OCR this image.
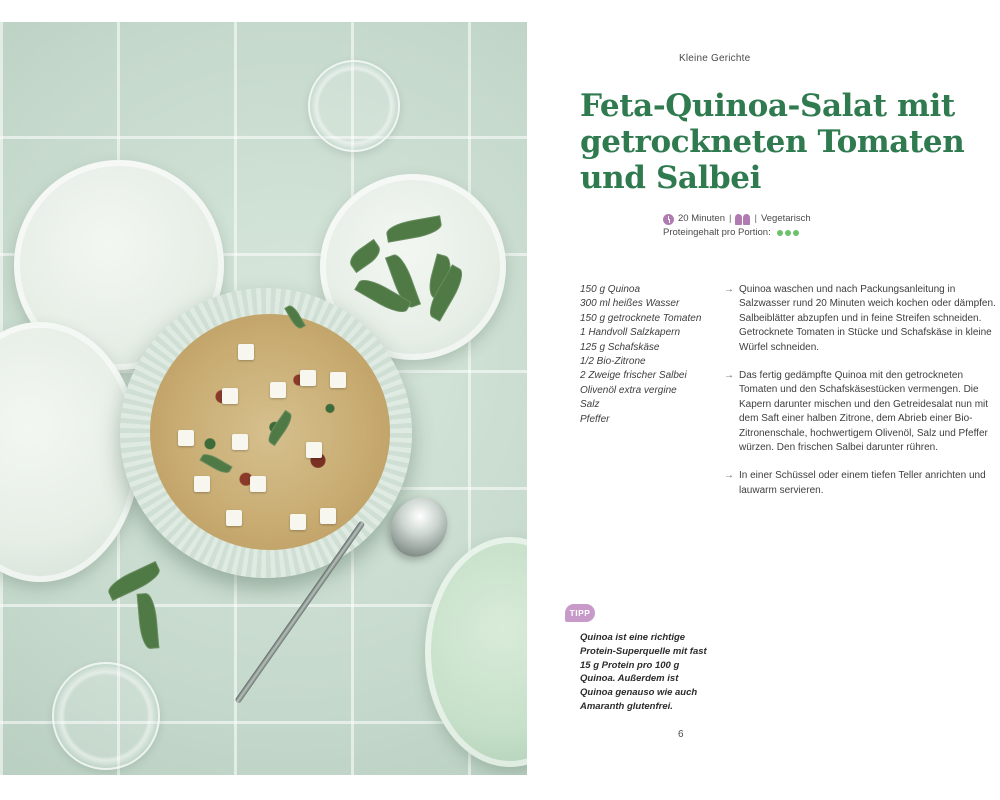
Kleine Gerichte
Feta-Quinoa-Salat mit getrockneten Tomaten und Salbei
20 Minuten | | Vegetarisch
Proteingehalt pro Portion:
150 g Quinoa
300 ml heißes Wasser
150 g getrocknete Tomaten
1 Handvoll Salzkapern
125 g Schafskäse
1/2 Bio-Zitrone
2 Zweige frischer Salbei
Olivenöl extra vergine
Salz
Pfeffer
→ Quinoa waschen und nach Packungsanleitung in Salzwasser rund 20 Minuten weich kochen oder dämpfen. Salbeiblätter abzupfen und in feine Streifen schneiden. Getrocknete Tomaten in Stücke und Schafskäse in kleine Würfel schneiden.
→ Das fertig gedämpfte Quinoa mit den getrockneten Tomaten und den Schafskäsestücken vermengen. Die Kapern darunter mischen und den Getreidesalat nun mit dem Saft einer halben Zitrone, dem Abrieb einer Bio-Zitronenschale, hochwertigem Olivenöl, Salz und Pfeffer würzen. Den frischen Salbei darunter rühren.
→ In einer Schüssel oder einem tiefen Teller anrichten und lauwarm servieren.
TIPP

Quinoa ist eine richtige Protein-Superquelle mit fast 15 g Protein pro 100 g Quinoa. Außerdem ist Quinoa genauso wie auch Amaranth glutenfrei.

6
